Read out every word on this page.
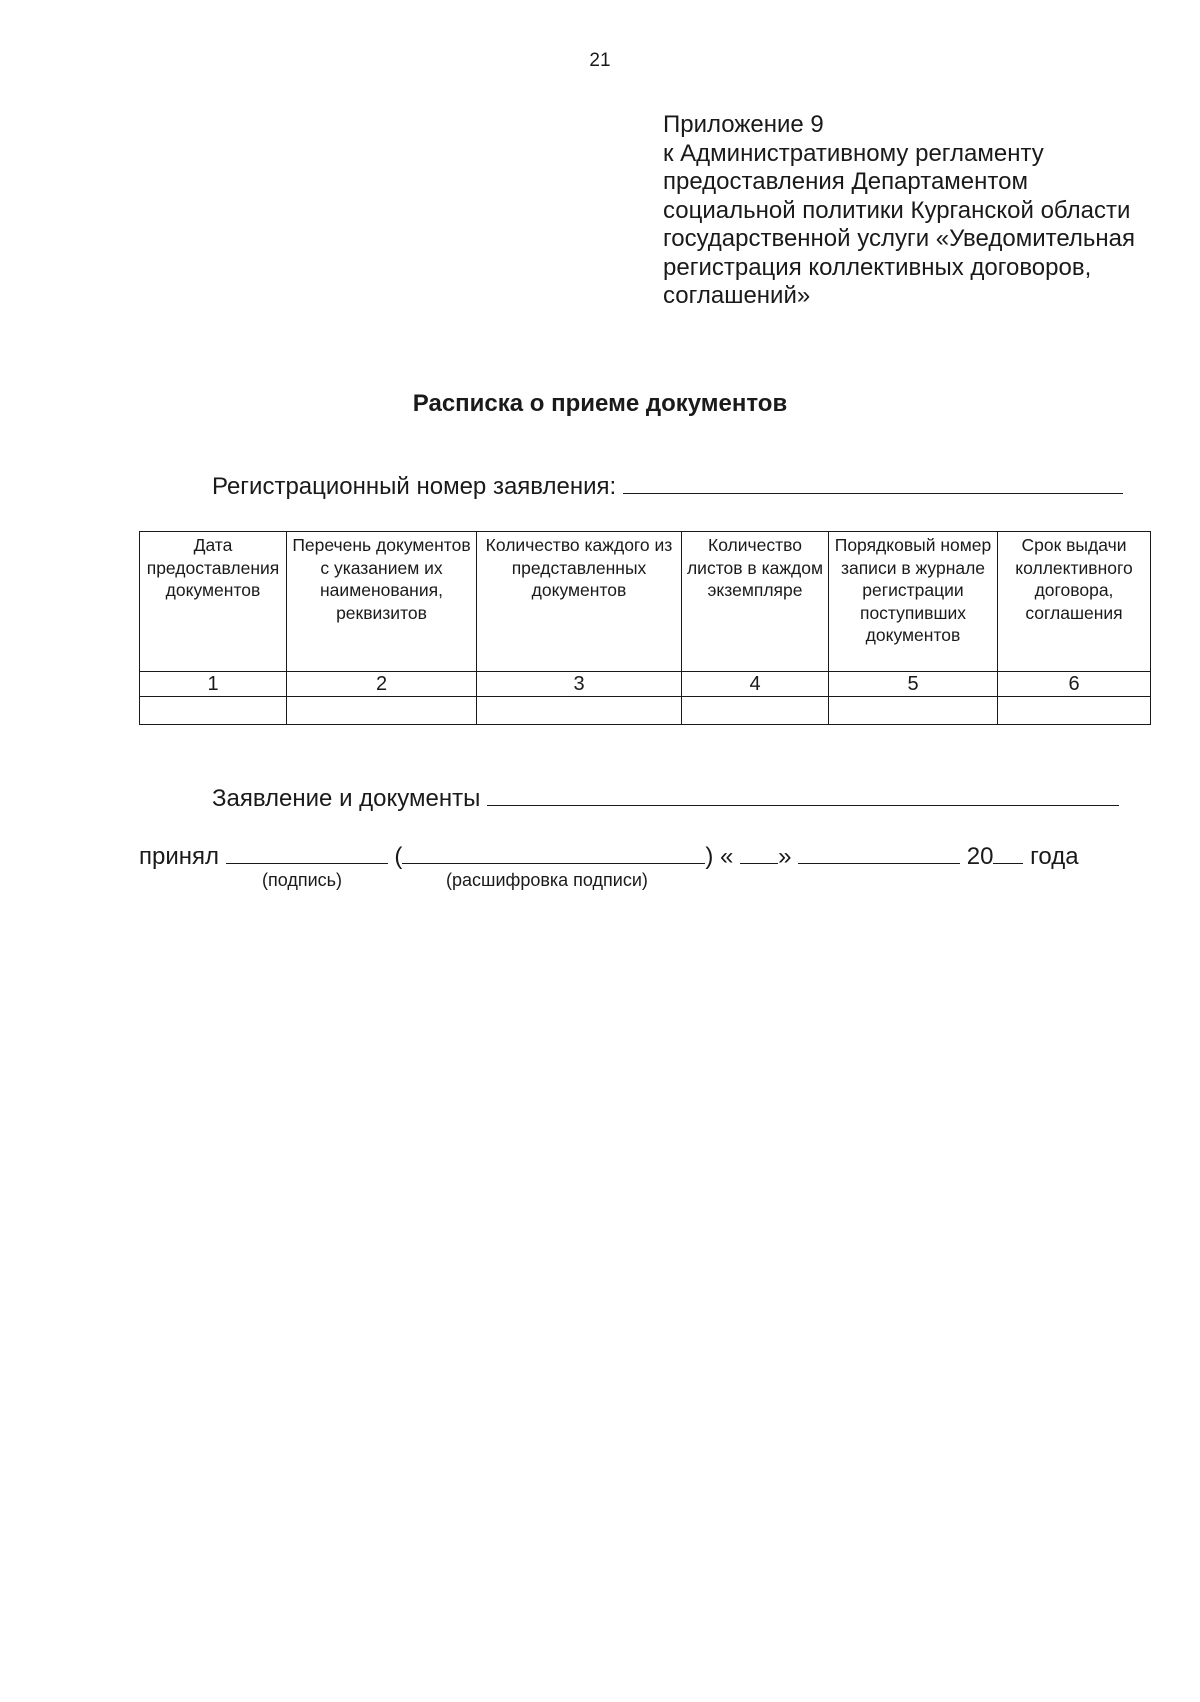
21
Приложение 9
к Административному регламенту
предоставления Департаментом
социальной политики Курганской области
государственной услуги «Уведомительная
регистрация коллективных договоров,
соглашений»
Расписка о приеме документов
Регистрационный номер заявления:
Дата предоставления документов	Перечень документов с указанием их наименования, реквизитов	Количество каждого из представленных документов	Количество листов в каждом экземпляре	Порядковый номер записи в журнале регистрации поступивших документов	Срок выдачи коллективного договора, соглашения
1	2	3	4	5	6

Заявление и документы
принял	(	) « »	20 года
(подпись)	(расшифровка подписи)
